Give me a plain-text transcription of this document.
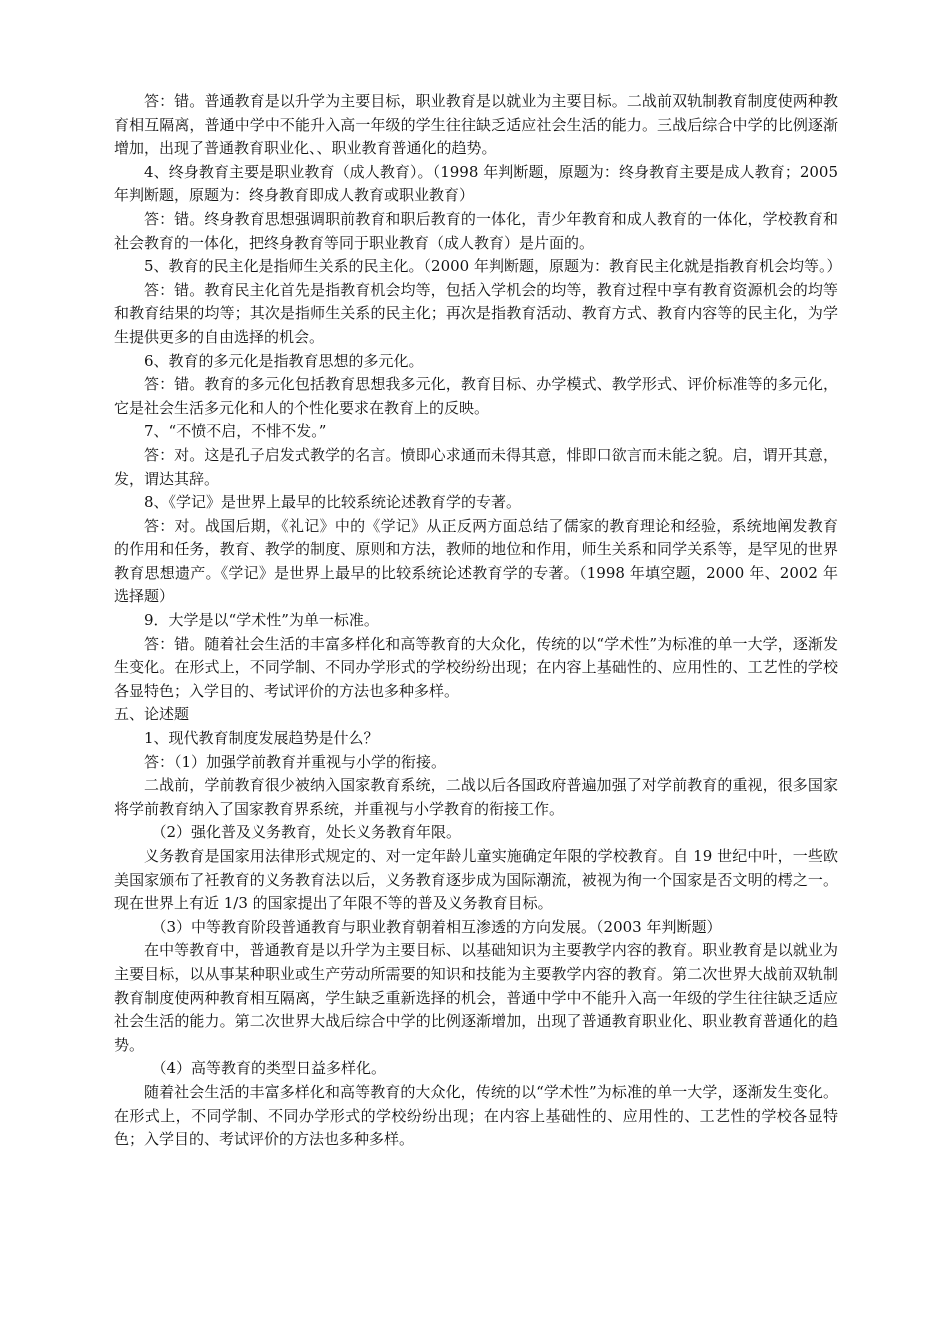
答：错。普通教育是以升学为主要目标，职业教育是以就业为主要目标。二战前双轨制教育制度使两种教育相互隔离，普通中学中不能升入高一年级的学生往往缺乏适应社会生活的能力。三战后综合中学的比例逐渐增加，出现了普通教育职业化、、职业教育普通化的趋势。

4、终身教育主要是职业教育（成人教育）。（1998 年判断题，原题为：终身教育主要是成人教育；2005 年判断题，原题为：终身教育即成人教育或职业教育）

答：错。终身教育思想强调职前教育和职后教育的一体化，青少年教育和成人教育的一体化，学校教育和社会教育的一体化，把终身教育等同于职业教育（成人教育）是片面的。

5、教育的民主化是指师生关系的民主化。（2000 年判断题，原题为：教育民主化就是指教育机会均等。）

答：错。教育民主化首先是指教育机会均等，包括入学机会的均等，教育过程中享有教育资源机会的均等和教育结果的均等；其次是指师生关系的民主化；再次是指教育活动、教育方式、教育内容等的民主化，为学生提供更多的自由选择的机会。

6、教育的多元化是指教育思想的多元化。

答：错。教育的多元化包括教育思想我多元化，教育目标、办学模式、教学形式、评价标准等的多元化，它是社会生活多元化和人的个性化要求在教育上的反映。

7、“不愤不启，不悱不发。”

答：对。这是孔子启发式教学的名言。愤即心求通而未得其意，悱即口欲言而未能之貌。启，谓开其意，发，谓达其辞。

8、《学记》是世界上最早的比较系统论述教育学的专著。

答：对。战国后期，《礼记》中的《学记》从正反两方面总结了儒家的教育理论和经验，系统地阐发教育的作用和任务，教育、教学的制度、原则和方法，教师的地位和作用，师生关系和同学关系等，是罕见的世界教育思想遗产。《学记》是世界上最早的比较系统论述教育学的专著。（1998 年填空题，2000 年、2002 年选择题）

9．大学是以“学术性”为单一标准。

答：错。随着社会生活的丰富多样化和高等教育的大众化，传统的以“学术性”为标准的单一大学，逐渐发生变化。在形式上，不同学制、不同办学形式的学校纷纷出现；在内容上基础性的、应用性的、工艺性的学校各显特色；入学目的、考试评价的方法也多种多样。

五、论述题

1、现代教育制度发展趋势是什么？

答：（1）加强学前教育并重视与小学的衔接。

二战前，学前教育很少被纳入国家教育系统，二战以后各国政府普遍加强了对学前教育的重视，很多国家将学前教育纳入了国家教育界系统，并重视与小学教育的衔接工作。

（2）强化普及义务教育，处长义务教育年限。

义务教育是国家用法律形式规定的、对一定年龄儿童实施确定年限的学校教育。自 19 世纪中叶，一些欧美国家颁布了衽教育的义务教育法以后，义务教育逐步成为国际潮流，被视为徇一个国家是否文明的樗之一。现在世界上有近 1/3 的国家提出了年限不等的普及义务教育目标。

（3）中等教育阶段普通教育与职业教育朝着相互渗透的方向发展。（2003 年判断题）

在中等教育中，普通教育是以升学为主要目标、以基础知识为主要教学内容的教育。职业教育是以就业为主要目标，以从事某种职业或生产劳动所需要的知识和技能为主要教学内容的教育。第二次世界大战前双轨制教育制度使两种教育相互隔离，学生缺乏重新选择的机会，普通中学中不能升入高一年级的学生往往缺乏适应社会生活的能力。第二次世界大战后综合中学的比例逐渐增加，出现了普通教育职业化、职业教育普通化的趋势。

（4）高等教育的类型日益多样化。

随着社会生活的丰富多样化和高等教育的大众化，传统的以“学术性”为标准的单一大学，逐渐发生变化。在形式上，不同学制、不同办学形式的学校纷纷出现；在内容上基础性的、应用性的、工艺性的学校各显特色；入学目的、考试评价的方法也多种多样。
